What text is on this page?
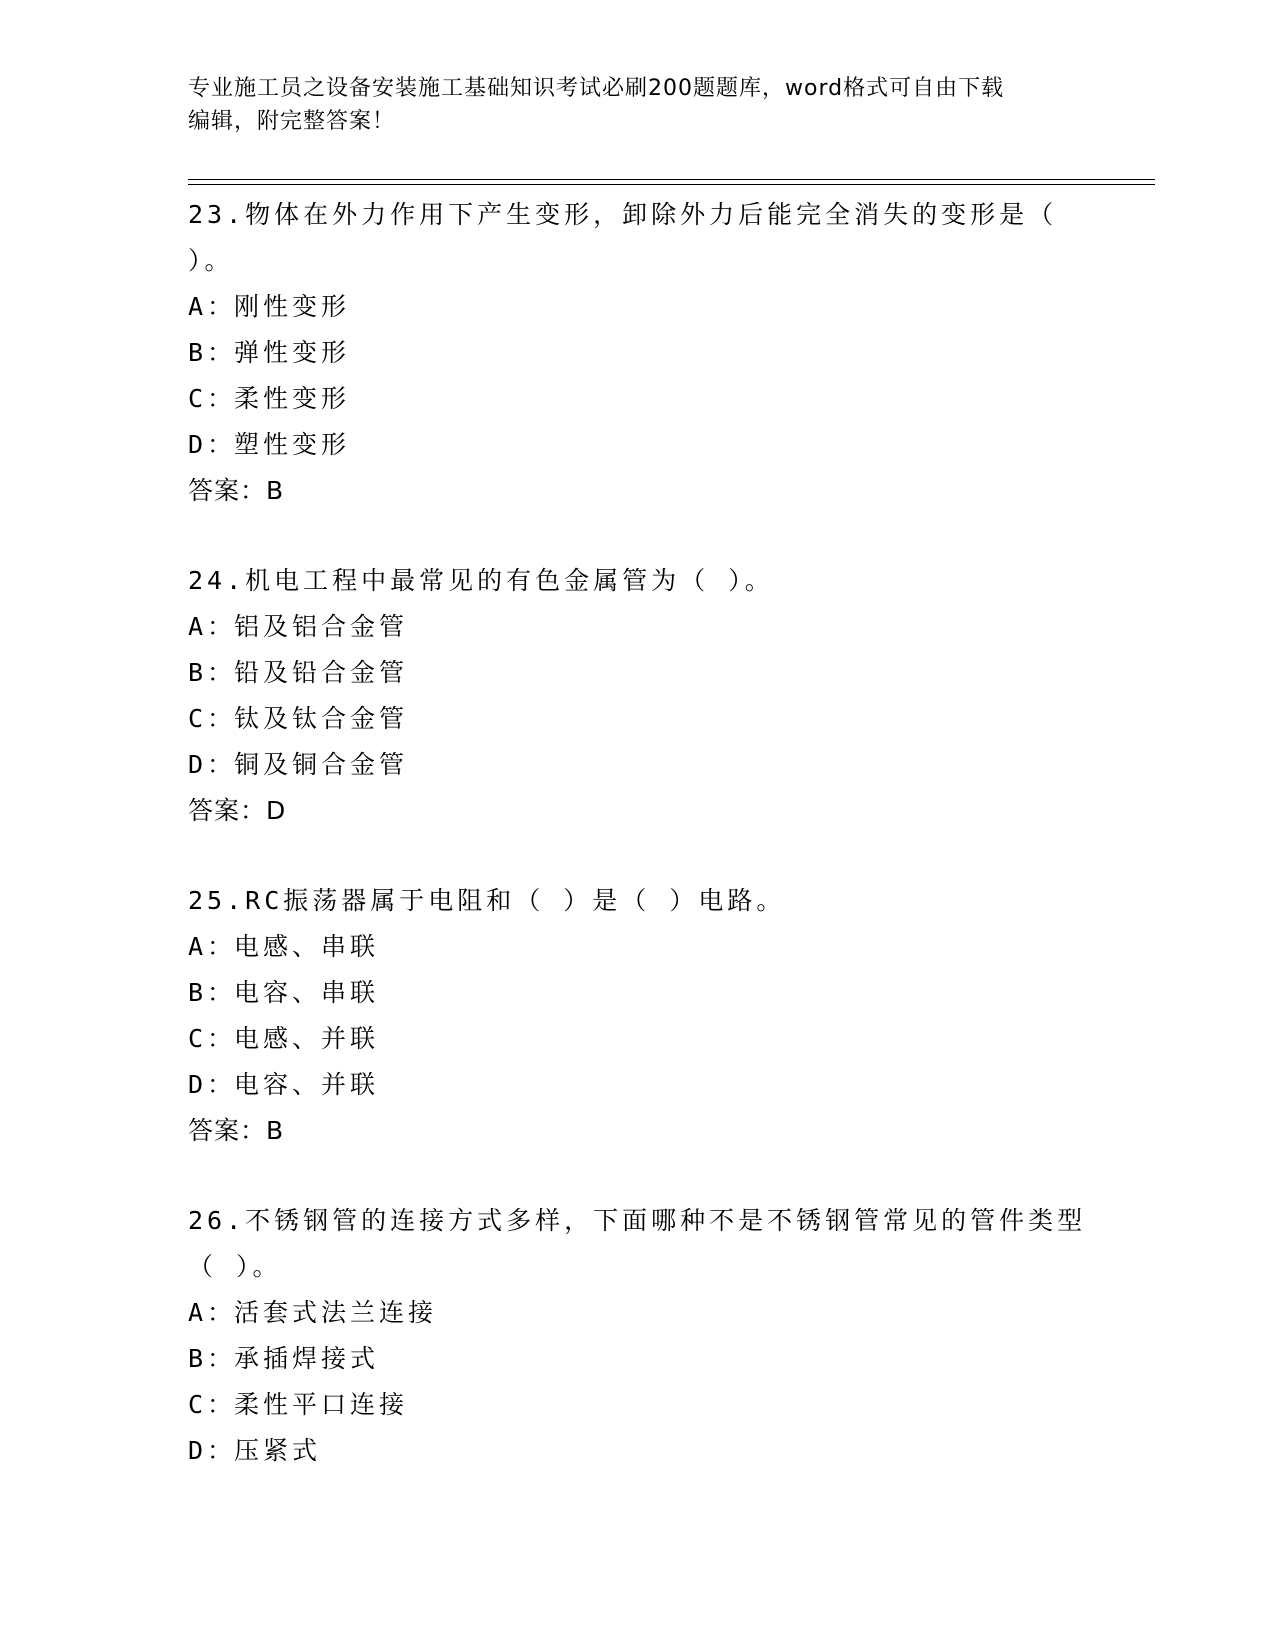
专业施工员之设备安装施工基础知识考试必刷200题题库，word格式可自由下载
编辑，附完整答案！
23.物体在外力作用下产生变形，卸除外力后能完全消失的变形是（
）。
A：
刚性变形
B：
弹性变形
C：
柔性变形
D：
塑性变形
答案：B
24.机电工程中最常见的有色金属管为（ ）。
A：
铝及铝合金管
B：
铅及铅合金管
C：
钛及钛合金管
D：
铜及铜合金管
答案：D
25.RC振荡器属于电阻和（ ）是（ ）电路。
A：
电感、串联
B：
电容、串联
C：
电感、并联
D：
电容、并联
答案：B
26.不锈钢管的连接方式多样，下面哪种不是不锈钢管常见的管件类型
（ ）。
A：
活套式法兰连接
B：
承插焊接式
C：
柔性平口连接
D：
压紧式
